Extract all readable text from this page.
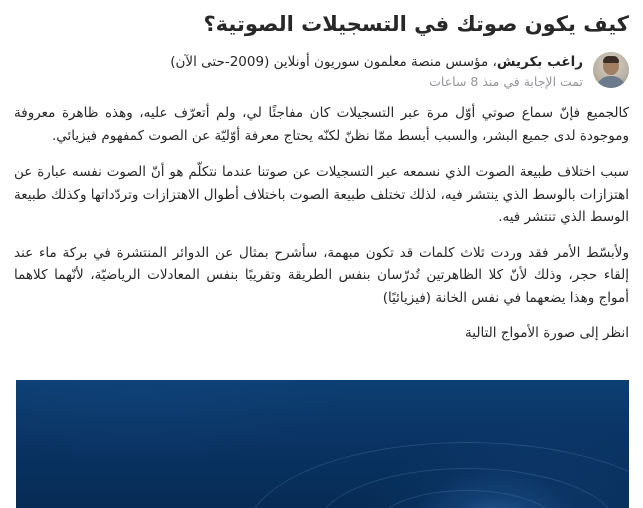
كيف يكون صوتك في التسجيلات الصوتية؟
راغب بكريش، مؤسس منصة معلمون سوريون أونلاين (2009-حتى الآن)
تمت الإجابة في منذ 8 ساعات

كالجميع فإنّ سماع صوتي أوّل مرة عبر التسجيلات كان مفاجئًا لي، ولم أتعرّف عليه، وهذه ظاهرة معروفة وموجودة لدى جميع البشر، والسبب أبسط ممّا نظنّ لكنّه يحتاج معرفة أوّليّة عن الصوت كمفهوم فيزيائي.

سبب اختلاف طبيعة الصوت الذي نسمعه عبر التسجيلات عن صوتنا عندما نتكلّم هو أنّ الصوت نفسه عبارة عن اهتزازات بالوسط الذي ينتشر فيه، لذلك تختلف طبيعة الصوت باختلاف أطوال الاهتزازات وتردّداتها وكذلك طبيعة الوسط الذي تنتشر فيه.

ولأبسّط الأمر فقد وردت ثلاث كلمات قد تكون مبهمة، سأشرح بمثال عن الدوائر المنتشرة في بركة ماء عند إلقاء حجر، وذلك لأنّ كلا الظاهرتين تُدرّسان بنفس الطريقة وتقريبًا بنفس المعادلات الرياضيّة، لأنّهما كلاهما أمواج وهذا يضعهما في نفس الخانة (فيزيائيًا)

انظر إلى صورة الأمواج التالية
